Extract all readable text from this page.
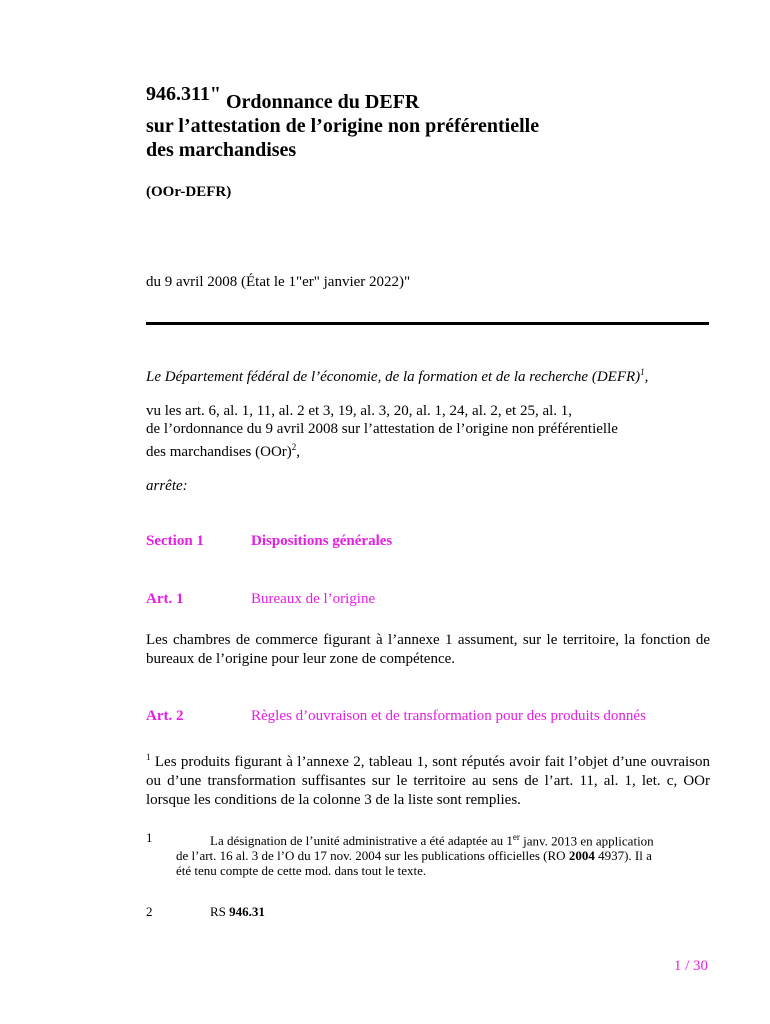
946.311" Ordonnance du DEFR
sur l’attestation de l’origine non préférentielle
des marchandises
(OOr-DEFR)
du 9 avril 2008 (État le 1"er" janvier 2022)"
Le Département fédéral de l’économie, de la formation et de la recherche (DEFR)$^1$,
vu les art. 6, al. 1, 11, al. 2 et 3, 19, al. 3, 20, al. 1, 24, al. 2, et 25, al. 1,
de l’ordonnance du 9 avril 2008 sur l’attestation de l’origine non préférentielle
des marchandises (OOr)$^2$,
arrête:
Section 1	Dispositions générales
Art. 1	Bureaux de l’origine
Les chambres de commerce figurant à l’annexe 1 assument, sur le territoire, la fonction de bureaux de l’origine pour leur zone de compétence.
Art. 2	Règles d’ouvraison et de transformation pour des produits donnés
$^1$ Les produits figurant à l’annexe 2, tableau 1, sont réputés avoir fait l’objet d’une ouvraison ou d’une transformation suffisantes sur le territoire au sens de l’art. 11, al. 1, let. c, OOr lorsque les conditions de la colonne 3 de la liste sont remplies.
1	La désignation de l’unité administrative a été adaptée au 1er janv. 2013 en application de l’art. 16 al. 3 de l’O du 17 nov. 2004 sur les publications officielles (RO 2004 4937). Il a été tenu compte de cette mod. dans tout le texte.
2	RS 946.31
1 / 30
